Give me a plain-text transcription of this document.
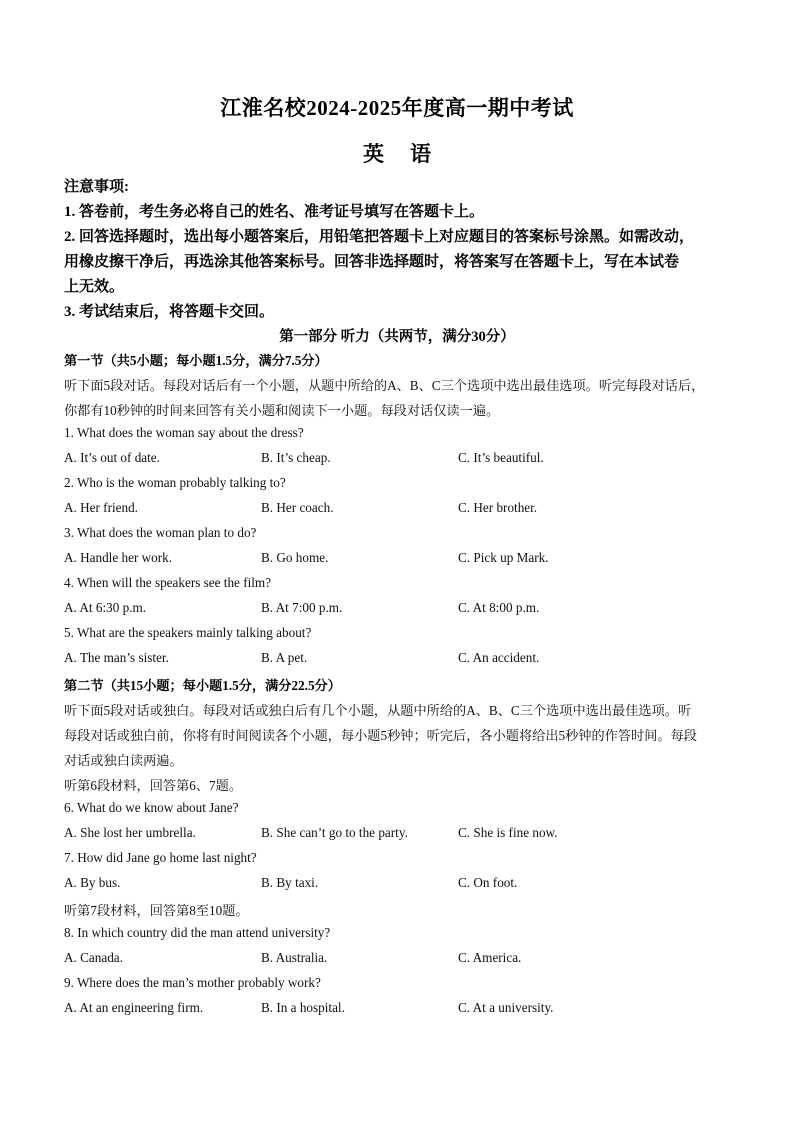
江淮名校2024-2025年度高一期中考试
英语
注意事项:
1. 答卷前，考生务必将自己的姓名、准考证号填写在答题卡上。
2. 回答选择题时，选出每小题答案后，用铅笔把答题卡上对应题目的答案标号涂黑。如需改动，
用橡皮擦干净后，再选涂其他答案标号。回答非选择题时，将答案写在答题卡上，写在本试卷
上无效。
3. 考试结束后，将答题卡交回。
第一部分 听力（共两节，满分30分）
第一节（共5小题；每小题1.5分，满分7.5分）
听下面5段对话。每段对话后有一个小题，从题中所给的A、B、C三个选项中选出最佳选项。听完每段对话后，
你都有10秒钟的时间来回答有关小题和阅读下一小题。每段对话仅读一遍。
1. What does the woman say about the dress?
A. It’s out of date.	B. It’s cheap.	C. It’s beautiful.
2. Who is the woman probably talking to?
A. Her friend.	B. Her coach.	C. Her brother.
3. What does the woman plan to do?
A. Handle her work.	B. Go home.	C. Pick up Mark.
4. When will the speakers see the film?
A. At 6:30 p.m.	B. At 7:00 p.m.	C. At 8:00 p.m.
5. What are the speakers mainly talking about?
A. The man’s sister.	B. A pet.	C. An accident.
第二节（共15小题；每小题1.5分，满分22.5分）
听下面5段对话或独白。每段对话或独白后有几个小题，从题中所给的A、B、C三个选项中选出最佳选项。听
每段对话或独白前，你将有时间阅读各个小题，每小题5秒钟；听完后，各小题将给出5秒钟的作答时间。每段
对话或独白读两遍。
听第6段材料，回答第6、7题。
6. What do we know about Jane?
A. She lost her umbrella.	B. She can’t go to the party.	C. She is fine now.
7. How did Jane go home last night?
A. By bus.	B. By taxi.	C. On foot.
听第7段材料，回答第8至10题。
8. In which country did the man attend university?
A. Canada.	B. Australia.	C. America.
9. Where does the man’s mother probably work?
A. At an engineering firm.	B. In a hospital.	C. At a university.
